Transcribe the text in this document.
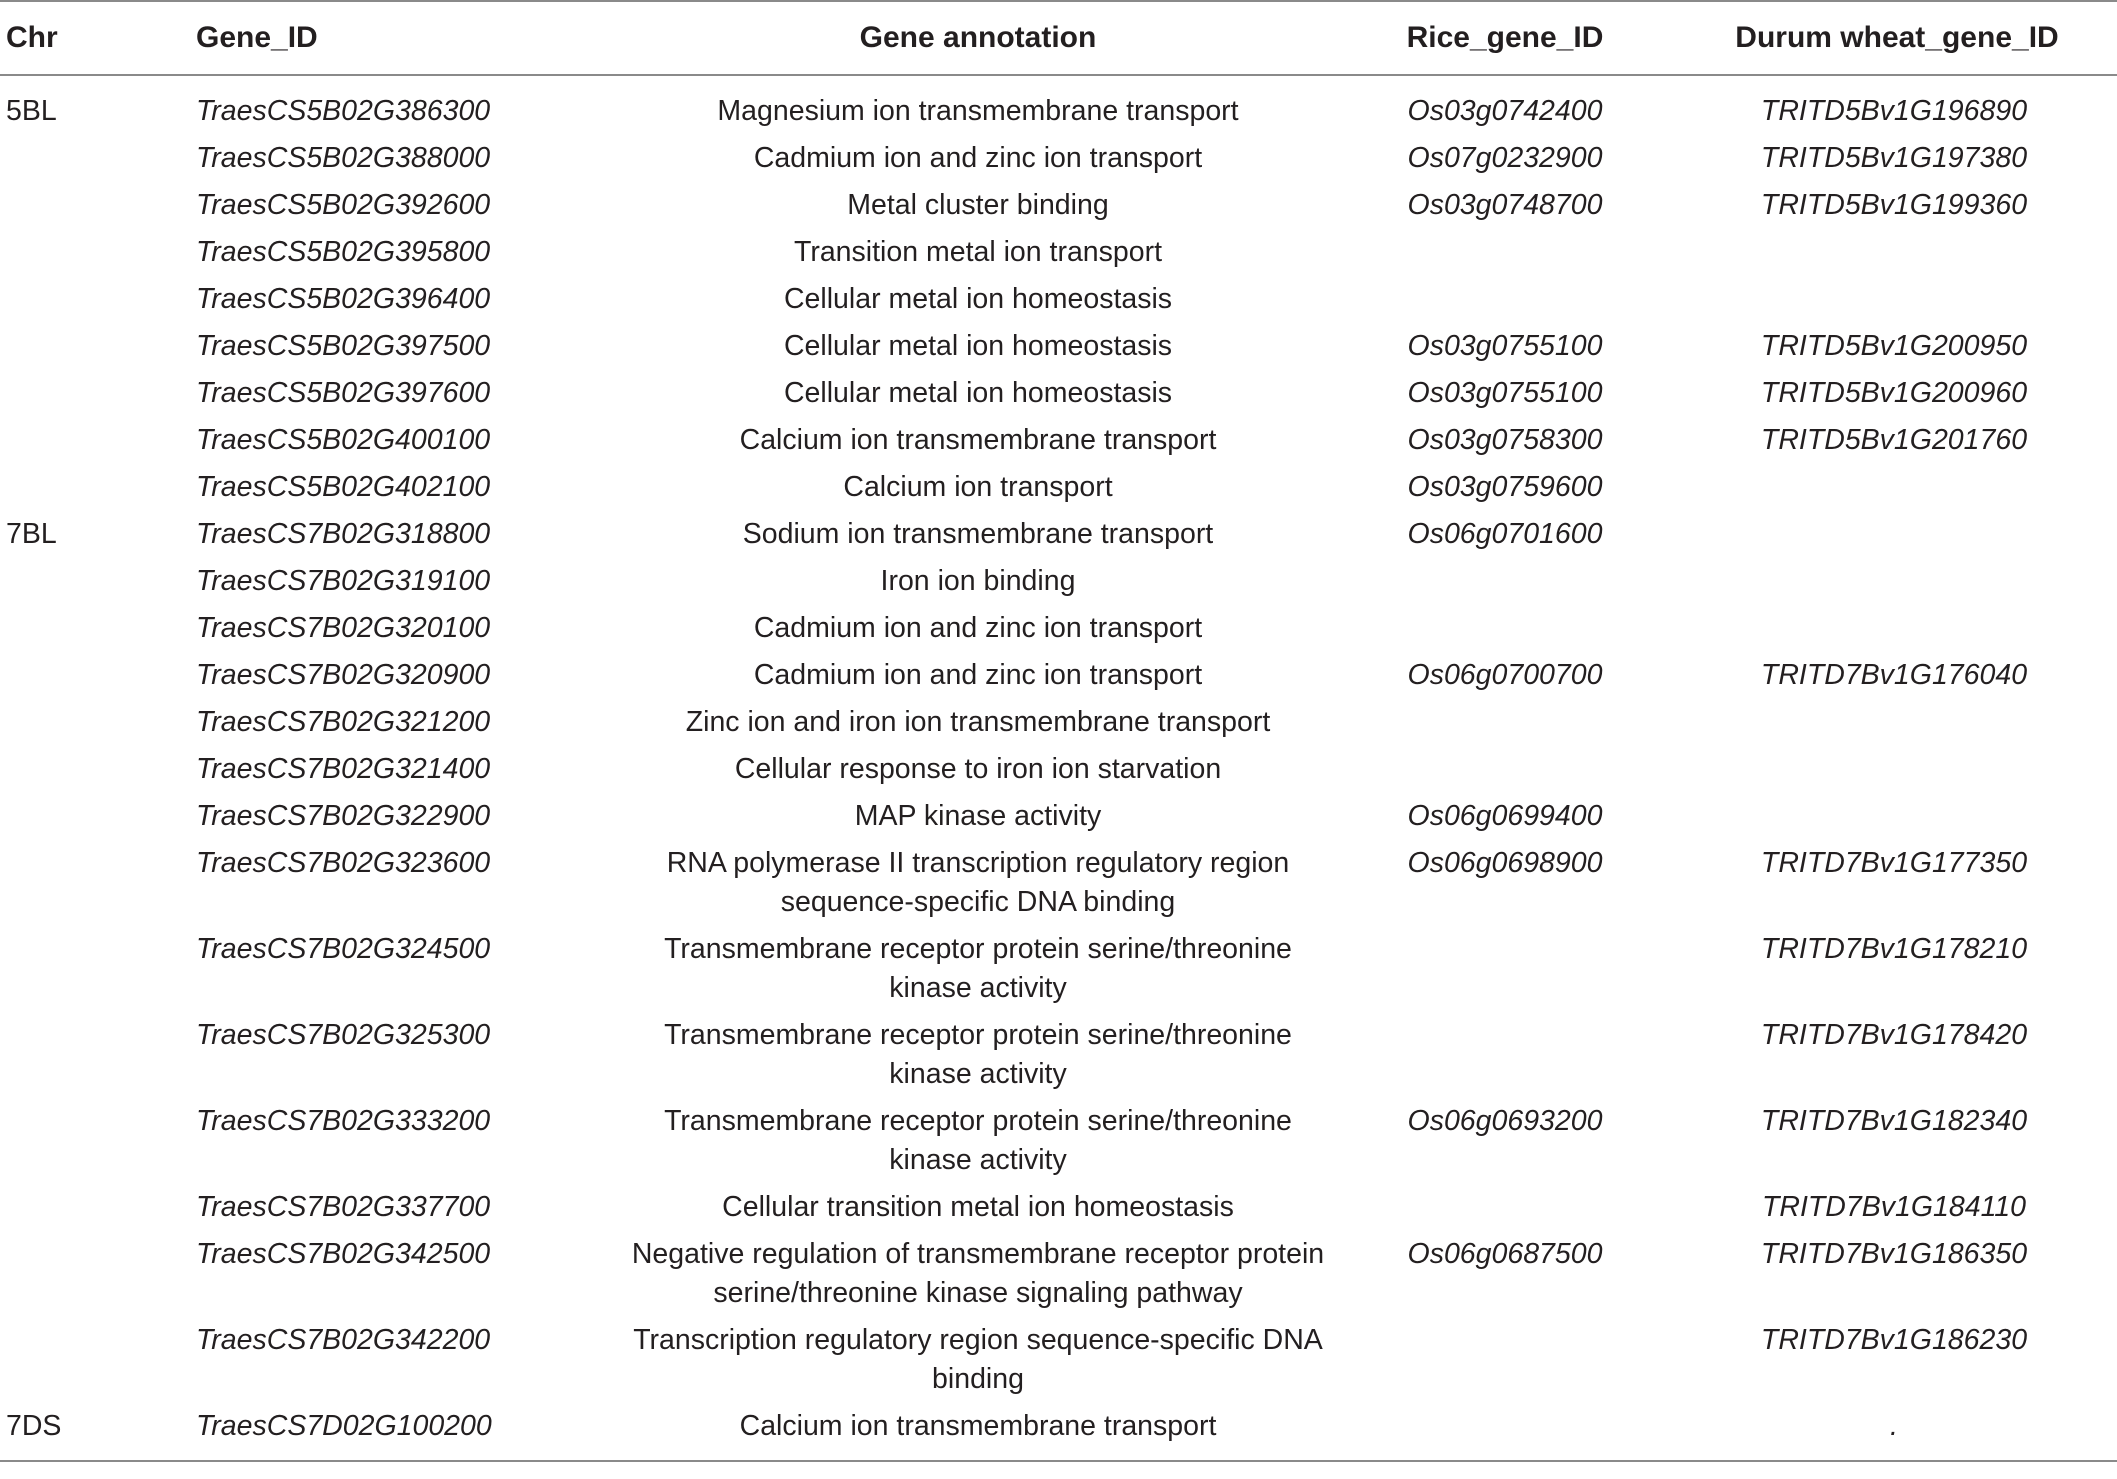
Chr	Gene_ID	Gene annotation	Rice_gene_ID	Durum wheat_gene_ID
5BL	TraesCS5B02G386300	Magnesium ion transmembrane transport	Os03g0742400	TRITD5Bv1G196890
	TraesCS5B02G388000	Cadmium ion and zinc ion transport	Os07g0232900	TRITD5Bv1G197380
	TraesCS5B02G392600	Metal cluster binding	Os03g0748700	TRITD5Bv1G199360
	TraesCS5B02G395800	Transition metal ion transport		

	TraesCS5B02G396400	Cellular metal ion homeostasis		

	TraesCS5B02G397500	Cellular metal ion homeostasis	Os03g0755100	TRITD5Bv1G200950
	TraesCS5B02G397600	Cellular metal ion homeostasis	Os03g0755100	TRITD5Bv1G200960
	TraesCS5B02G400100	Calcium ion transmembrane transport	Os03g0758300	TRITD5Bv1G201760
	TraesCS5B02G402100	Calcium ion transport	Os03g0759600	
7BL	TraesCS7B02G318800	Sodium ion transmembrane transport	Os06g0701600	
	TraesCS7B02G319100	Iron ion binding		

	TraesCS7B02G320100	Cadmium ion and zinc ion transport		

	TraesCS7B02G320900	Cadmium ion and zinc ion transport	Os06g0700700	TRITD7Bv1G176040
	TraesCS7B02G321200	Zinc ion and iron ion transmembrane transport		

	TraesCS7B02G321400	Cellular response to iron ion starvation		

	TraesCS7B02G322900	MAP kinase activity	Os06g0699400	
	TraesCS7B02G323600	RNA polymerase II transcription regulatory region
sequence-specific DNA binding	Os06g0698900	TRITD7Bv1G177350
	TraesCS7B02G324500	Transmembrane receptor protein serine/threonine
kinase activity		TRITD7Bv1G178210
	TraesCS7B02G325300	Transmembrane receptor protein serine/threonine
kinase activity		TRITD7Bv1G178420
	TraesCS7B02G333200	Transmembrane receptor protein serine/threonine
kinase activity	Os06g0693200	TRITD7Bv1G182340
	TraesCS7B02G337700	Cellular transition metal ion homeostasis		TRITD7Bv1G184110
	TraesCS7B02G342500	Negative regulation of transmembrane receptor protein
serine/threonine kinase signaling pathway	Os06g0687500	TRITD7Bv1G186350
	TraesCS7B02G342200	Transcription regulatory region sequence-specific DNA
binding		TRITD7Bv1G186230
7DS	TraesCS7D02G100200	Calcium ion transmembrane transport		.
